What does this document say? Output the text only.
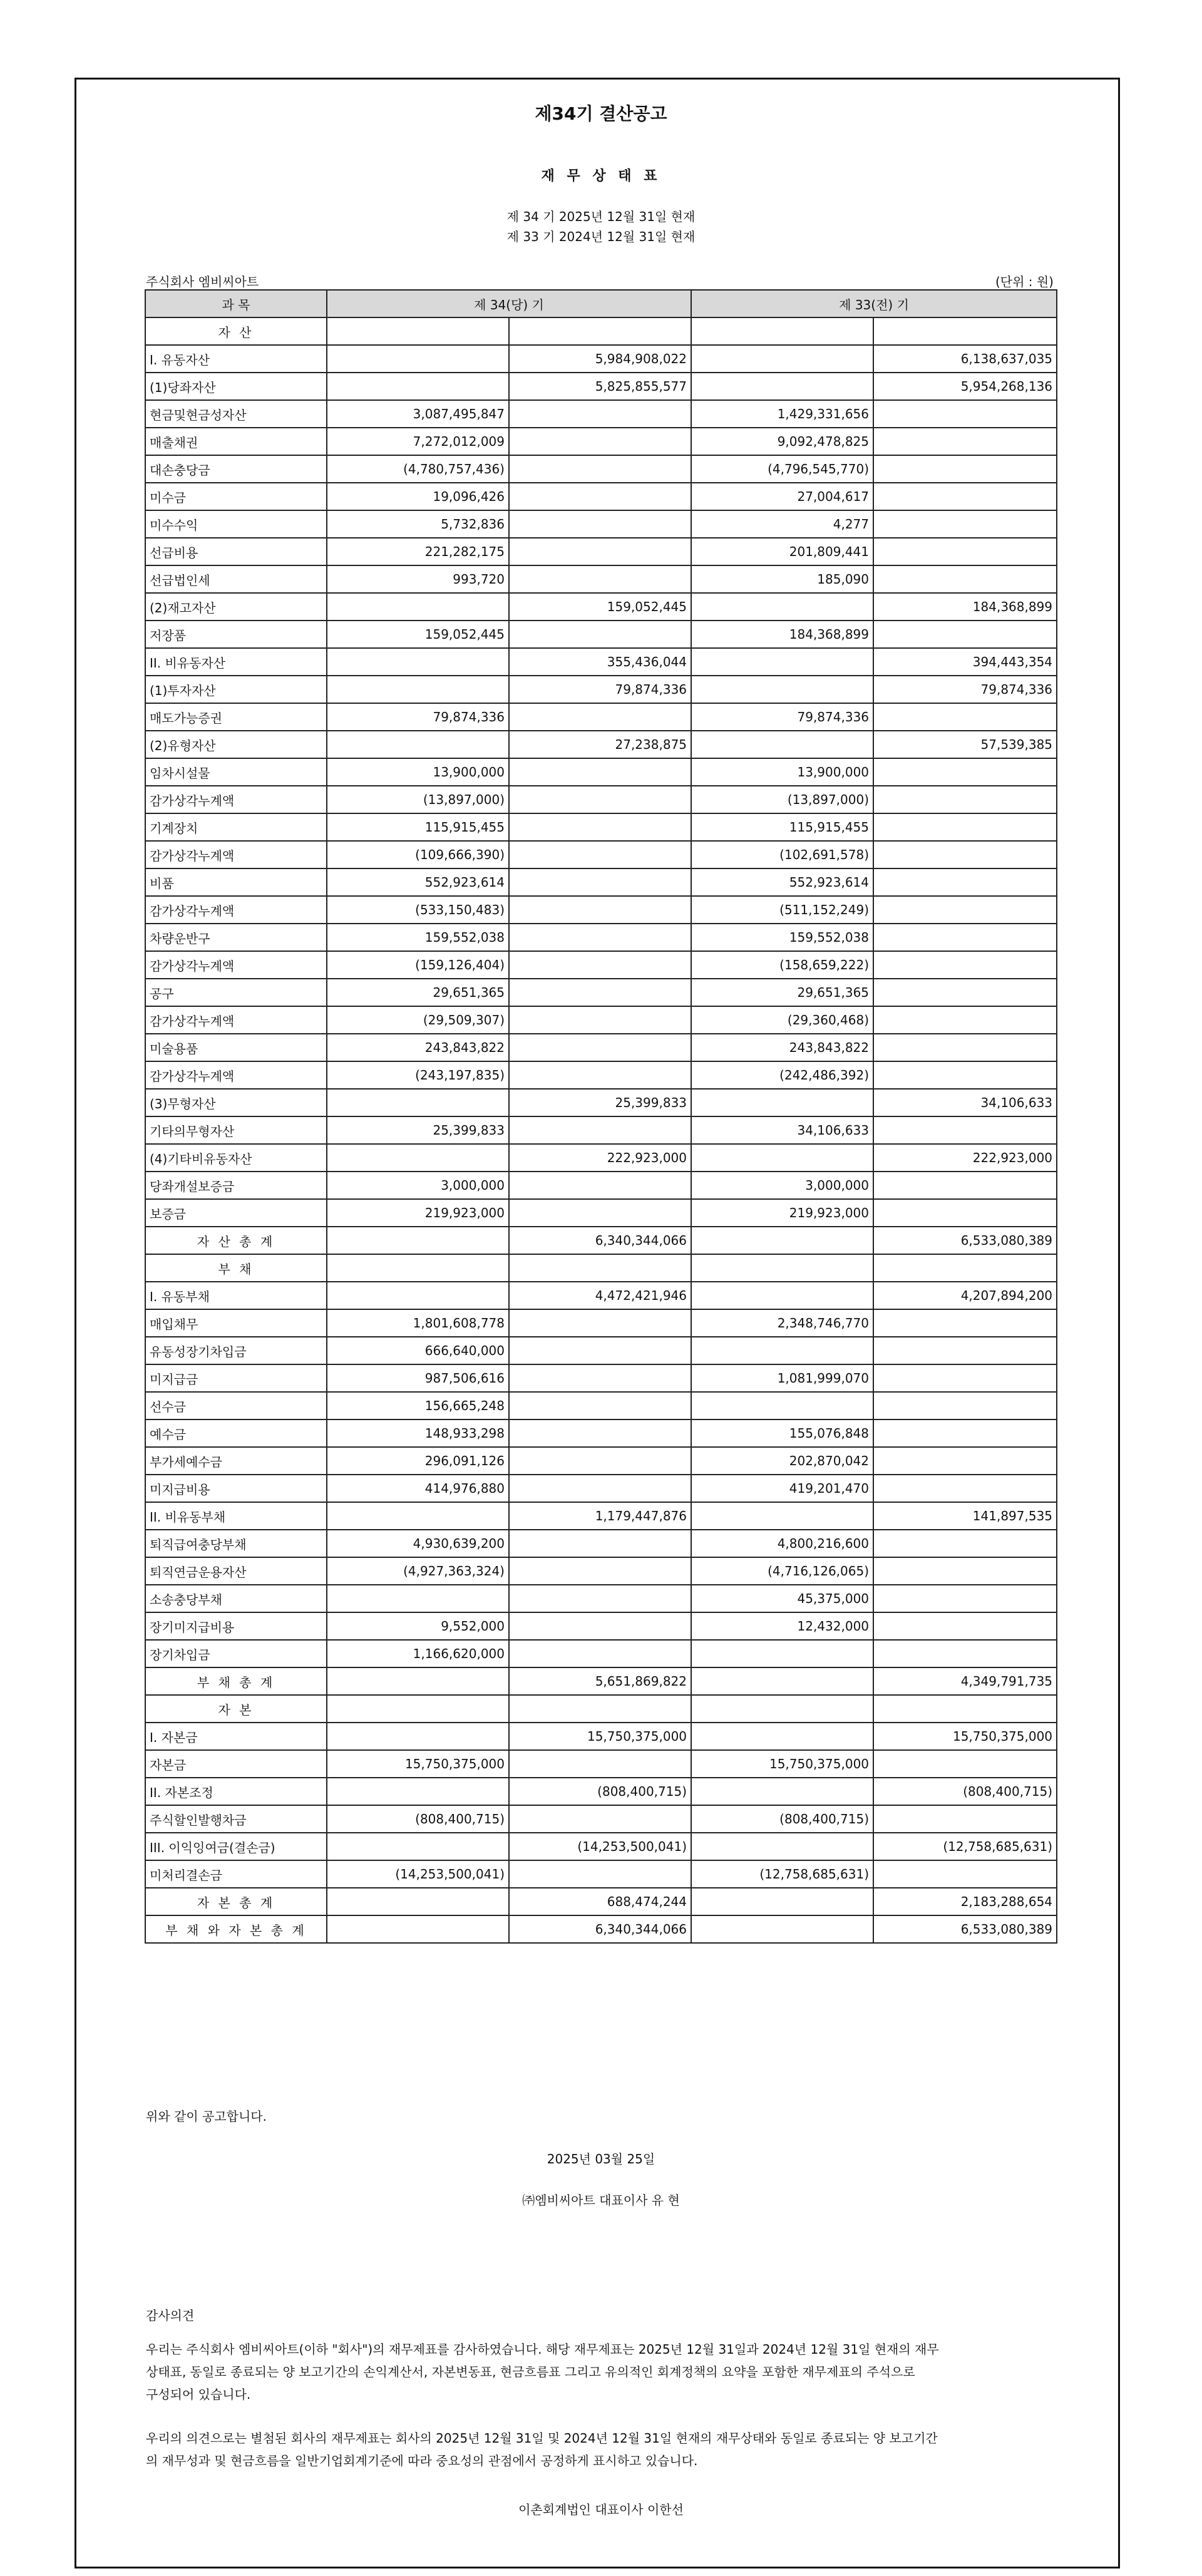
제34기 결산공고
재 무 상 태 표
제 34 기 2025년 12월 31일 현재
제 33 기 2024년 12월 31일 현재
주식회사 엠비씨아트	(단위 : 원)
과 목	제 34(당) 기		제 33(전) 기	
자 산				
I. 유동자산		5,984,908,022		6,138,637,035
(1)당좌자산		5,825,855,577		5,954,268,136
현금및현금성자산	3,087,495,847		1,429,331,656	
매출채권	7,272,012,009		9,092,478,825	
대손충당금	(4,780,757,436)		(4,796,545,770)	
미수금	19,096,426		27,004,617	
미수수익	5,732,836		4,277	
선급비용	221,282,175		201,809,441	
선급법인세	993,720		185,090	
(2)재고자산		159,052,445		184,368,899
저장품	159,052,445		184,368,899	
II. 비유동자산		355,436,044		394,443,354
(1)투자자산		79,874,336		79,874,336
매도가능증권	79,874,336		79,874,336	
(2)유형자산		27,238,875		57,539,385
임차시설물	13,900,000		13,900,000	
감가상각누계액	(13,897,000)		(13,897,000)	
기계장치	115,915,455		115,915,455	
감가상각누계액	(109,666,390)		(102,691,578)	
비품	552,923,614		552,923,614	
감가상각누계액	(533,150,483)		(511,152,249)	
차량운반구	159,552,038		159,552,038	
감가상각누계액	(159,126,404)		(158,659,222)	
공구	29,651,365		29,651,365	
감가상각누계액	(29,509,307)		(29,360,468)	
미술용품	243,843,822		243,843,822	
감가상각누계액	(243,197,835)		(242,486,392)	
(3)무형자산		25,399,833		34,106,633
기타의무형자산	25,399,833		34,106,633	
(4)기타비유동자산		222,923,000		222,923,000
당좌개설보증금	3,000,000		3,000,000	
보증금	219,923,000		219,923,000	
자 산 총 계		6,340,344,066		6,533,080,389
부 채				
I. 유동부채		4,472,421,946		4,207,894,200
매입채무	1,801,608,778		2,348,746,770	
유동성장기차입금	666,640,000			
미지급금	987,506,616		1,081,999,070	
선수금	156,665,248			
예수금	148,933,298		155,076,848	
부가세예수금	296,091,126		202,870,042	
미지급비용	414,976,880		419,201,470	
II. 비유동부채		1,179,447,876		141,897,535
퇴직급여충당부채	4,930,639,200		4,800,216,600	
퇴직연금운용자산	(4,927,363,324)		(4,716,126,065)	
소송충당부채			45,375,000	
장기미지급비용	9,552,000		12,432,000	
장기차입금	1,166,620,000			
부 채 총 계		5,651,869,822		4,349,791,735
자 본				
I. 자본금		15,750,375,000		15,750,375,000
자본금	15,750,375,000		15,750,375,000	
II. 자본조정		(808,400,715)		(808,400,715)
주식할인발행차금	(808,400,715)		(808,400,715)	
III. 이익잉여금(결손금)		(14,253,500,041)		(12,758,685,631)
미처리결손금	(14,253,500,041)		(12,758,685,631)	
자 본 총 계		688,474,244		2,183,288,654
부 채 와 자 본 총 계		6,340,344,066		6,533,080,389
위와 같이 공고합니다.
2025년 03월 25일
㈜엠비씨아트 대표이사 유 현
감사의견
우리는 주식회사 엠비씨아트(이하 "회사")의 재무제표를 감사하였습니다. 해당 재무제표는 2025년 12월 31일과 2024년 12월 31일 현재의 재무
상태표, 동일로 종료되는 양 보고기간의 손익계산서, 자본변동표, 현금흐름표 그리고 유의적인 회계정책의 요약을 포함한 재무제표의 주석으로
구성되어 있습니다.
우리의 의견으로는 별첨된 회사의 재무제표는 회사의 2025년 12월 31일 및 2024년 12월 31일 현재의 재무상태와 동일로 종료되는 양 보고기간
의 재무성과 및 현금흐름을 일반기업회계기준에 따라 중요성의 관점에서 공정하게 표시하고 있습니다.
이촌회계법인 대표이사 이한선
